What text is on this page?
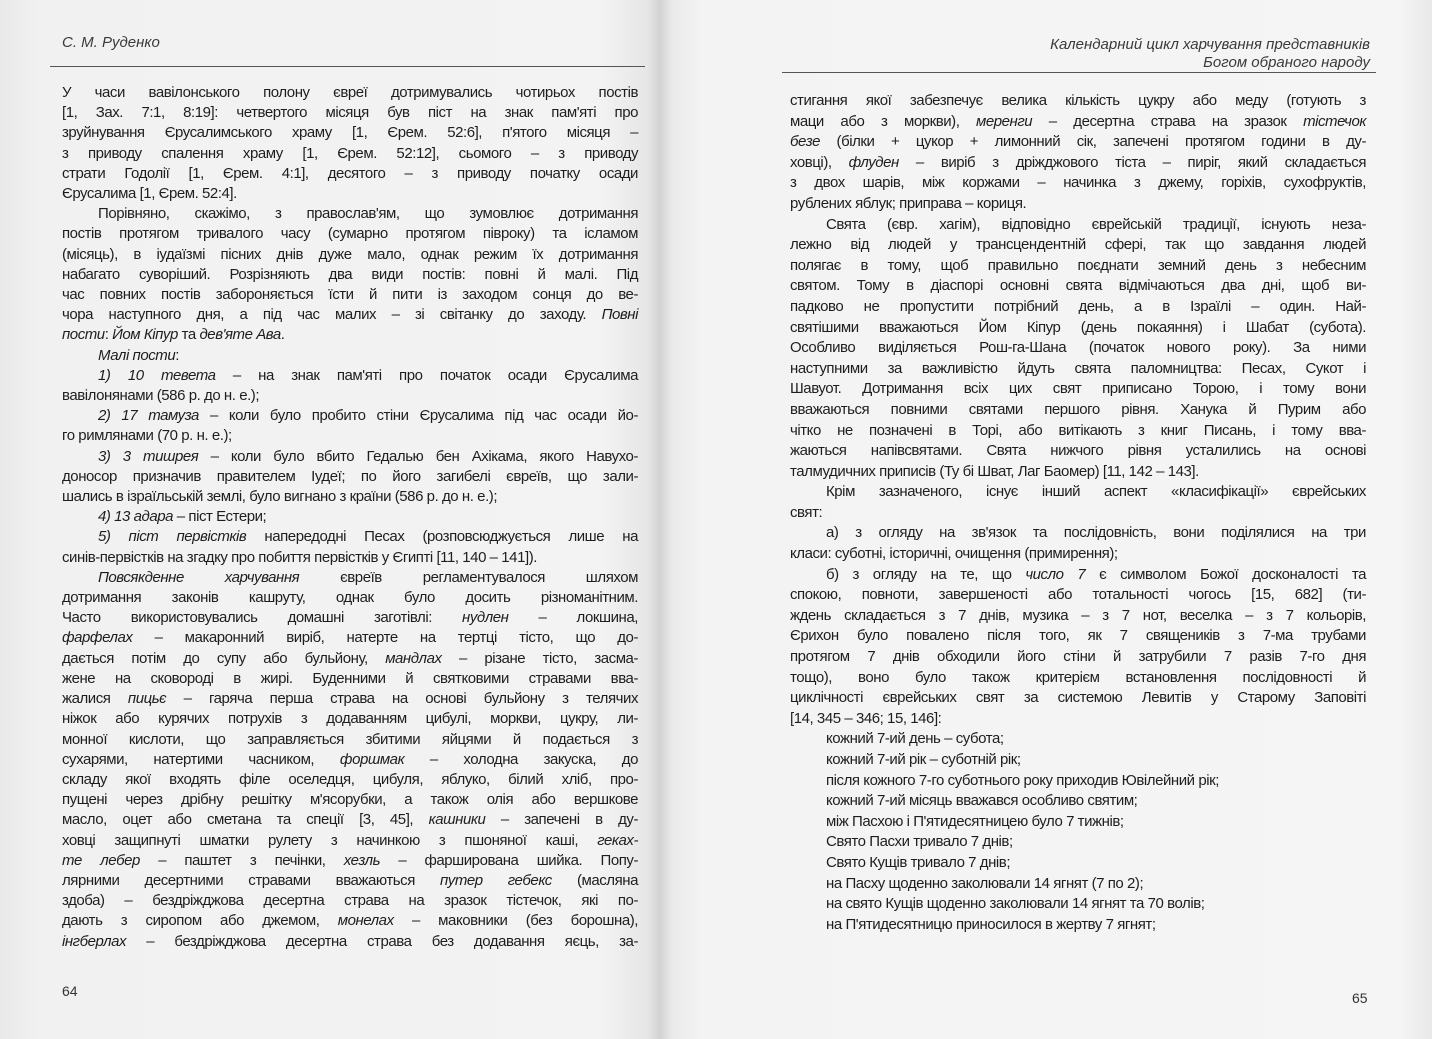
С. М. Руденко
У часи вавілонського полону євреї дотримувались чотирьох постів
[1, Зах. 7:1, 8:19]: четвертого місяця був піст на знак пам'яті про
зруйнування Єрусалимського храму [1, Єрем. 52:6], п'ятого місяця –
з приводу спалення храму [1, Єрем. 52:12], сьомого – з приводу
страти Годолії [1, Єрем. 4:1], десятого – з приводу початку осади
Єрусалима [1, Єрем. 52:4].
Порівняно, скажімо, з православ'ям, що зумовлює дотримання
постів протягом тривалого часу (сумарно протягом півроку) та ісламом
(місяць), в іудаїзмі пісних днів дуже мало, однак режим їх дотримання
набагато суворіший. Розрізняють два види постів: повні й малі. Під
час повних постів забороняється їсти й пити із заходом сонця до ве-
чора наступного дня, а під час малих – зі світанку до заходу. Повні
пости: Йом Кіпур та дев'яте Ава.
Малі пости:
1) 10 тевета – на знак пам'яті про початок осади Єрусалима
вавілонянами (586 р. до н. е.);
2) 17 тамуза – коли було пробито стіни Єрусалима під час осади йо-
го римлянами (70 р. н. е.);
3) 3 тишрея – коли було вбито Гедалью бен Ахікама, якого Навухо-
доносор призначив правителем Іудеї; по його загибелі євреїв, що зали-
шались в ізраїльській землі, було вигнано з країни (586 р. до н. е.);
4) 13 адара – піст Естери;
5) піст первістків напередодні Песах (розповсюджується лише на
синів-первістків на згадку про побиття первістків у Єгипті [11, 140 – 141]).
Повсякденне харчування євреїв регламентувалося шляхом
дотримання законів кашруту, однак було досить різноманітним.
Часто використовувались домашні заготівлі: нудлен – локшина,
фарфелах – макаронний виріб, натерте на тертці тісто, що до-
дається потім до супу або бульйону, мандлах – різане тісто, засма-
жене на сковороді в жирі. Буденними й святковими стравами вва-
жалися пицьє – гаряча перша страва на основі бульйону з телячих
ніжок або курячих потрухів з додаванням цибулі, моркви, цукру, ли-
монної кислоти, що заправляється збитими яйцями й подається з
сухарями, натертими часником, форшмак – холодна закуска, до
складу якої входять філе оселедця, цибуля, яблуко, білий хліб, про-
пущені через дрібну решітку м'ясорубки, а також олія або вершкове
масло, оцет або сметана та спеції [3, 45], кашники – запечені в ду-
ховці защипнуті шматки рулету з начинкою з пшоняної каші, геках-
те лебер – паштет з печінки, хезль – фарширована шийка. Попу-
лярними десертними стравами вважаються путер гебекс (масляна
здоба) – бездріжджова десертна страва на зразок тістечок, які по-
дають з сиропом або джемом, монелах – маковники (без борошна),
інгберлах – бездріжджова десертна страва без додавання яєць, за-
64
Календарний цикл харчування представників
Богом обраного народу
стигання якої забезпечує велика кількість цукру або меду (готують з
маци або з моркви), меренги – десертна страва на зразок тістечок
безе (білки + цукор + лимонний сік, запечені протягом години в ду-
ховці), флуден – виріб з дріжджового тіста – пиріг, який складається
з двох шарів, між коржами – начинка з джему, горіхів, сухофруктів,
рублених яблук; приправа – кориця.
Свята (євр. хагім), відповідно єврейській традиції, існують неза-
лежно від людей у трансцендентній сфері, так що завдання людей
полягає в тому, щоб правильно поєднати земний день з небесним
святом. Тому в діаспорі основні свята відмічаються два дні, щоб ви-
падково не пропустити потрібний день, а в Ізраїлі – один. Най-
святішими вважаються Йом Кіпур (день покаяння) і Шабат (субота).
Особливо виділяється Рош-га-Шана (початок нового року). За ними
наступними за важливістю йдуть свята паломництва: Песах, Сукот і
Шавуот. Дотримання всіх цих свят приписано Торою, і тому вони
вважаються повними святами першого рівня. Ханука й Пурим або
чітко не позначені в Торі, або витікають з книг Писань, і тому вва-
жаються напівсвятами. Свята нижчого рівня усталились на основі
талмудичних приписів (Ту бі Шват, Лаг Баомер) [11, 142 – 143].
Крім зазначеного, існує інший аспект «класифікації» єврейських
свят:
а) з огляду на зв'язок та послідовність, вони поділялися на три
класи: суботні, історичні, очищення (примирення);
б) з огляду на те, що число 7 є символом Божої досконалості та
спокою, повноти, завершеності або тотальності чогось [15, 682] (ти-
ждень складається з 7 днів, музика – з 7 нот, веселка – з 7 кольорів,
Єрихон було повалено після того, як 7 священиків з 7-ма трубами
протягом 7 днів обходили його стіни й затрубили 7 разів 7-го дня
тощо), воно було також критерієм встановлення послідовності й
циклічності єврейських свят за системою Левитів у Старому Заповіті
[14, 345 – 346; 15, 146]:
кожний 7-ий день – субота;
кожний 7-ий рік – суботній рік;
після кожного 7-го суботнього року приходив Ювілейний рік;
кожний 7-ий місяць вважався особливо святим;
між Пасхою і П'ятидесятницею було 7 тижнів;
Свято Пасхи тривало 7 днів;
Свято Кущів тривало 7 днів;
на Пасху щоденно заколювали 14 ягнят (7 по 2);
на свято Кущів щоденно заколювали 14 ягнят та 70 волів;
на П'ятидесятницю приносилося в жертву 7 ягнят;
65
